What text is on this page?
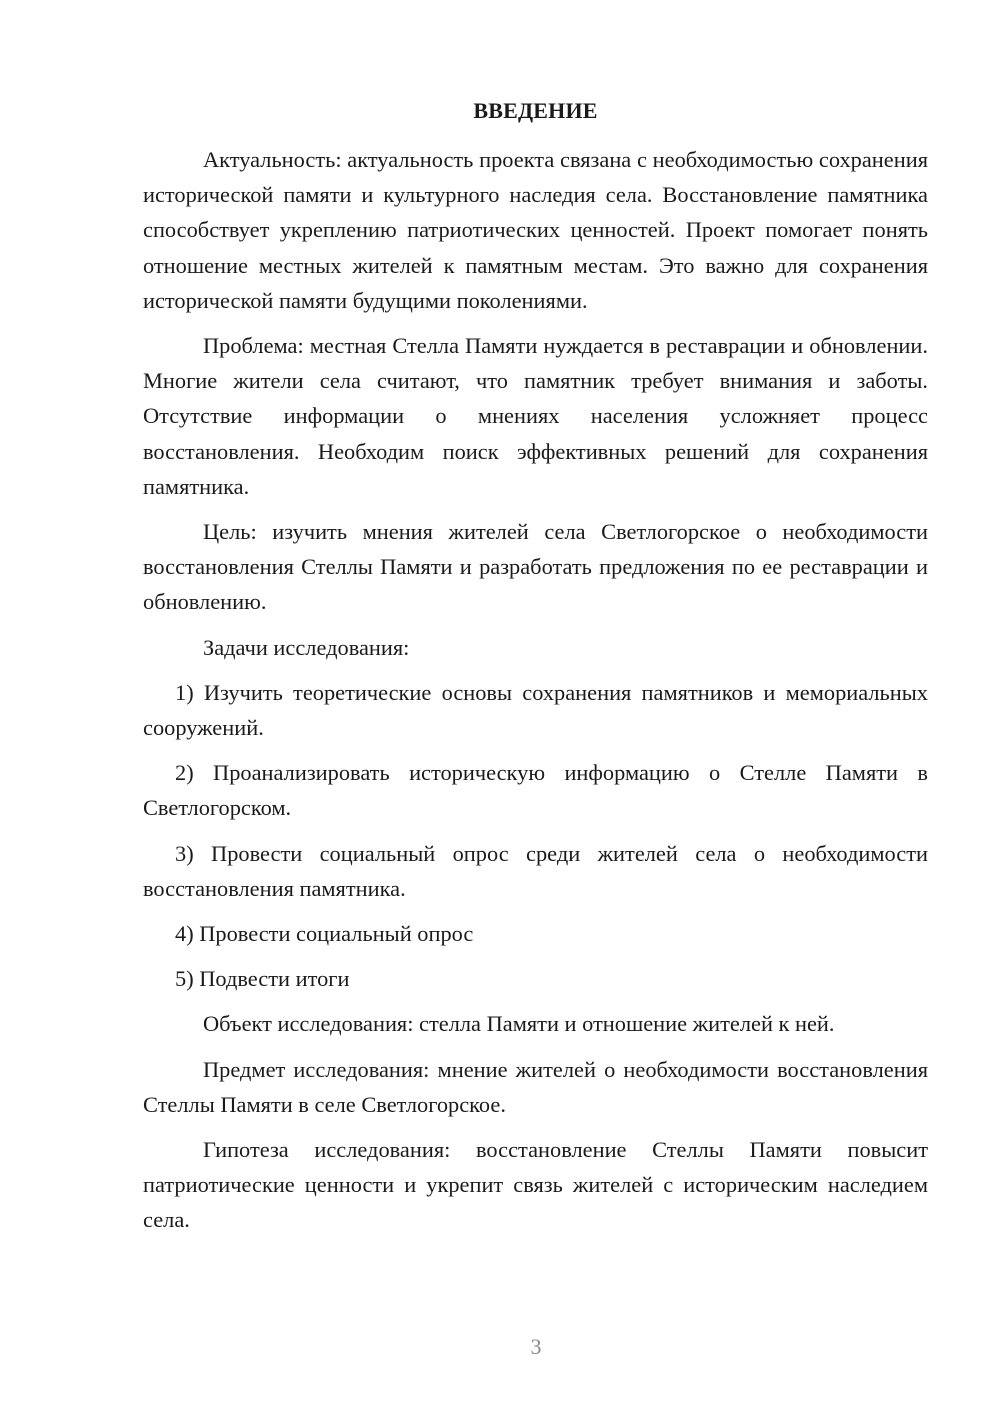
ВВЕДЕНИЕ

Актуальность: актуальность проекта связана с необходимостью сохранения исторической памяти и культурного наследия села. Восстановление памятника способствует укреплению патриотических ценностей. Проект помогает понять отношение местных жителей к памятным местам. Это важно для сохранения исторической памяти будущими поколениями.

Проблема: местная Стелла Памяти нуждается в реставрации и обновлении. Многие жители села считают, что памятник требует внимания и заботы. Отсутствие информации о мнениях населения усложняет процесс восстановления. Необходим поиск эффективных решений для сохранения памятника.

Цель: изучить мнения жителей села Светлогорское о необходимости восстановления Стеллы Памяти и разработать предложения по ее реставрации и обновлению.

Задачи исследования:

1) Изучить теоретические основы сохранения памятников и мемориальных сооружений.

2) Проанализировать историческую информацию о Стелле Памяти в Светлогорском.

3) Провести социальный опрос среди жителей села о необходимости восстановления памятника.

4) Провести социальный опрос

5) Подвести итоги

Объект исследования: стелла Памяти и отношение жителей к ней.

Предмет исследования: мнение жителей о необходимости восстановления Стеллы Памяти в селе Светлогорское.

Гипотеза исследования: восстановление Стеллы Памяти повысит патриотические ценности и укрепит связь жителей с историческим наследием села.

3
